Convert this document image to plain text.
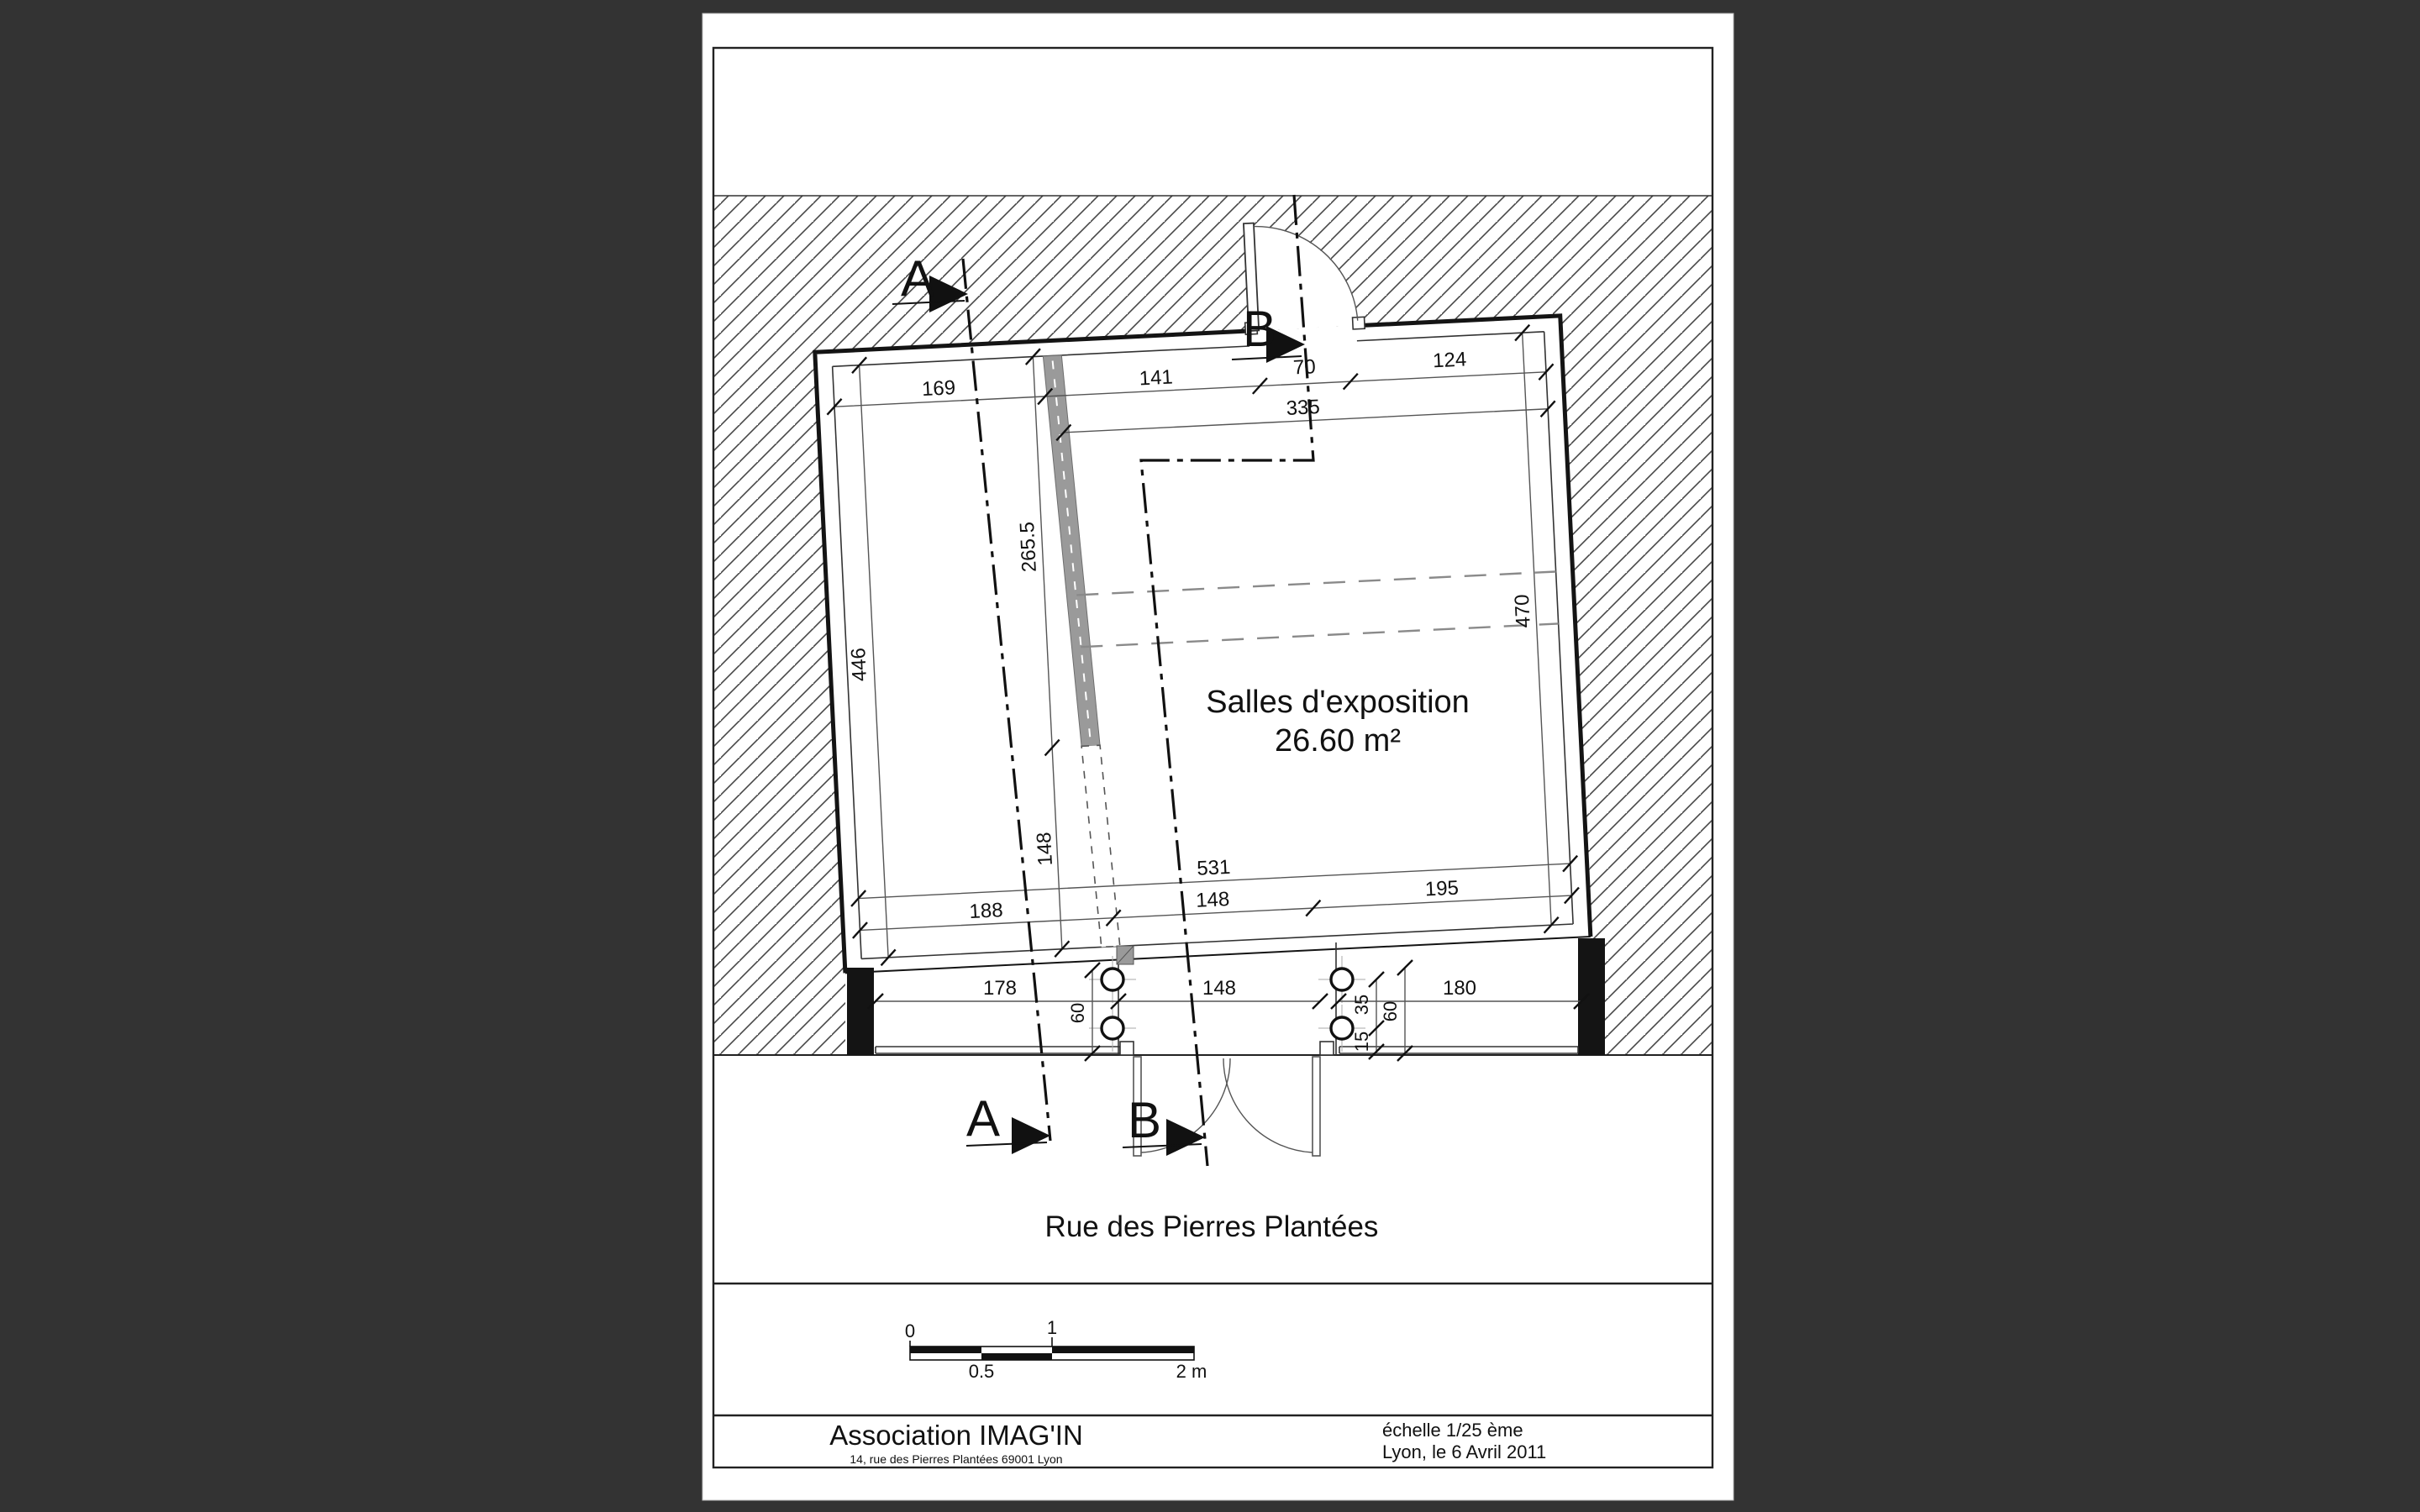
169	141	70	124
335
446
470
265.5
148
531
188	148	195
Salles d'exposition
26.60 m²
178	148	180
60	35
15
60
A
A
B
B
Rue des Pierres Plantées
0	1
0.5	2 m
Association IMAG'IN
14, rue des Pierres Plantées 69001 Lyon
échelle 1/25 ème
Lyon, le 6 Avril 2011
